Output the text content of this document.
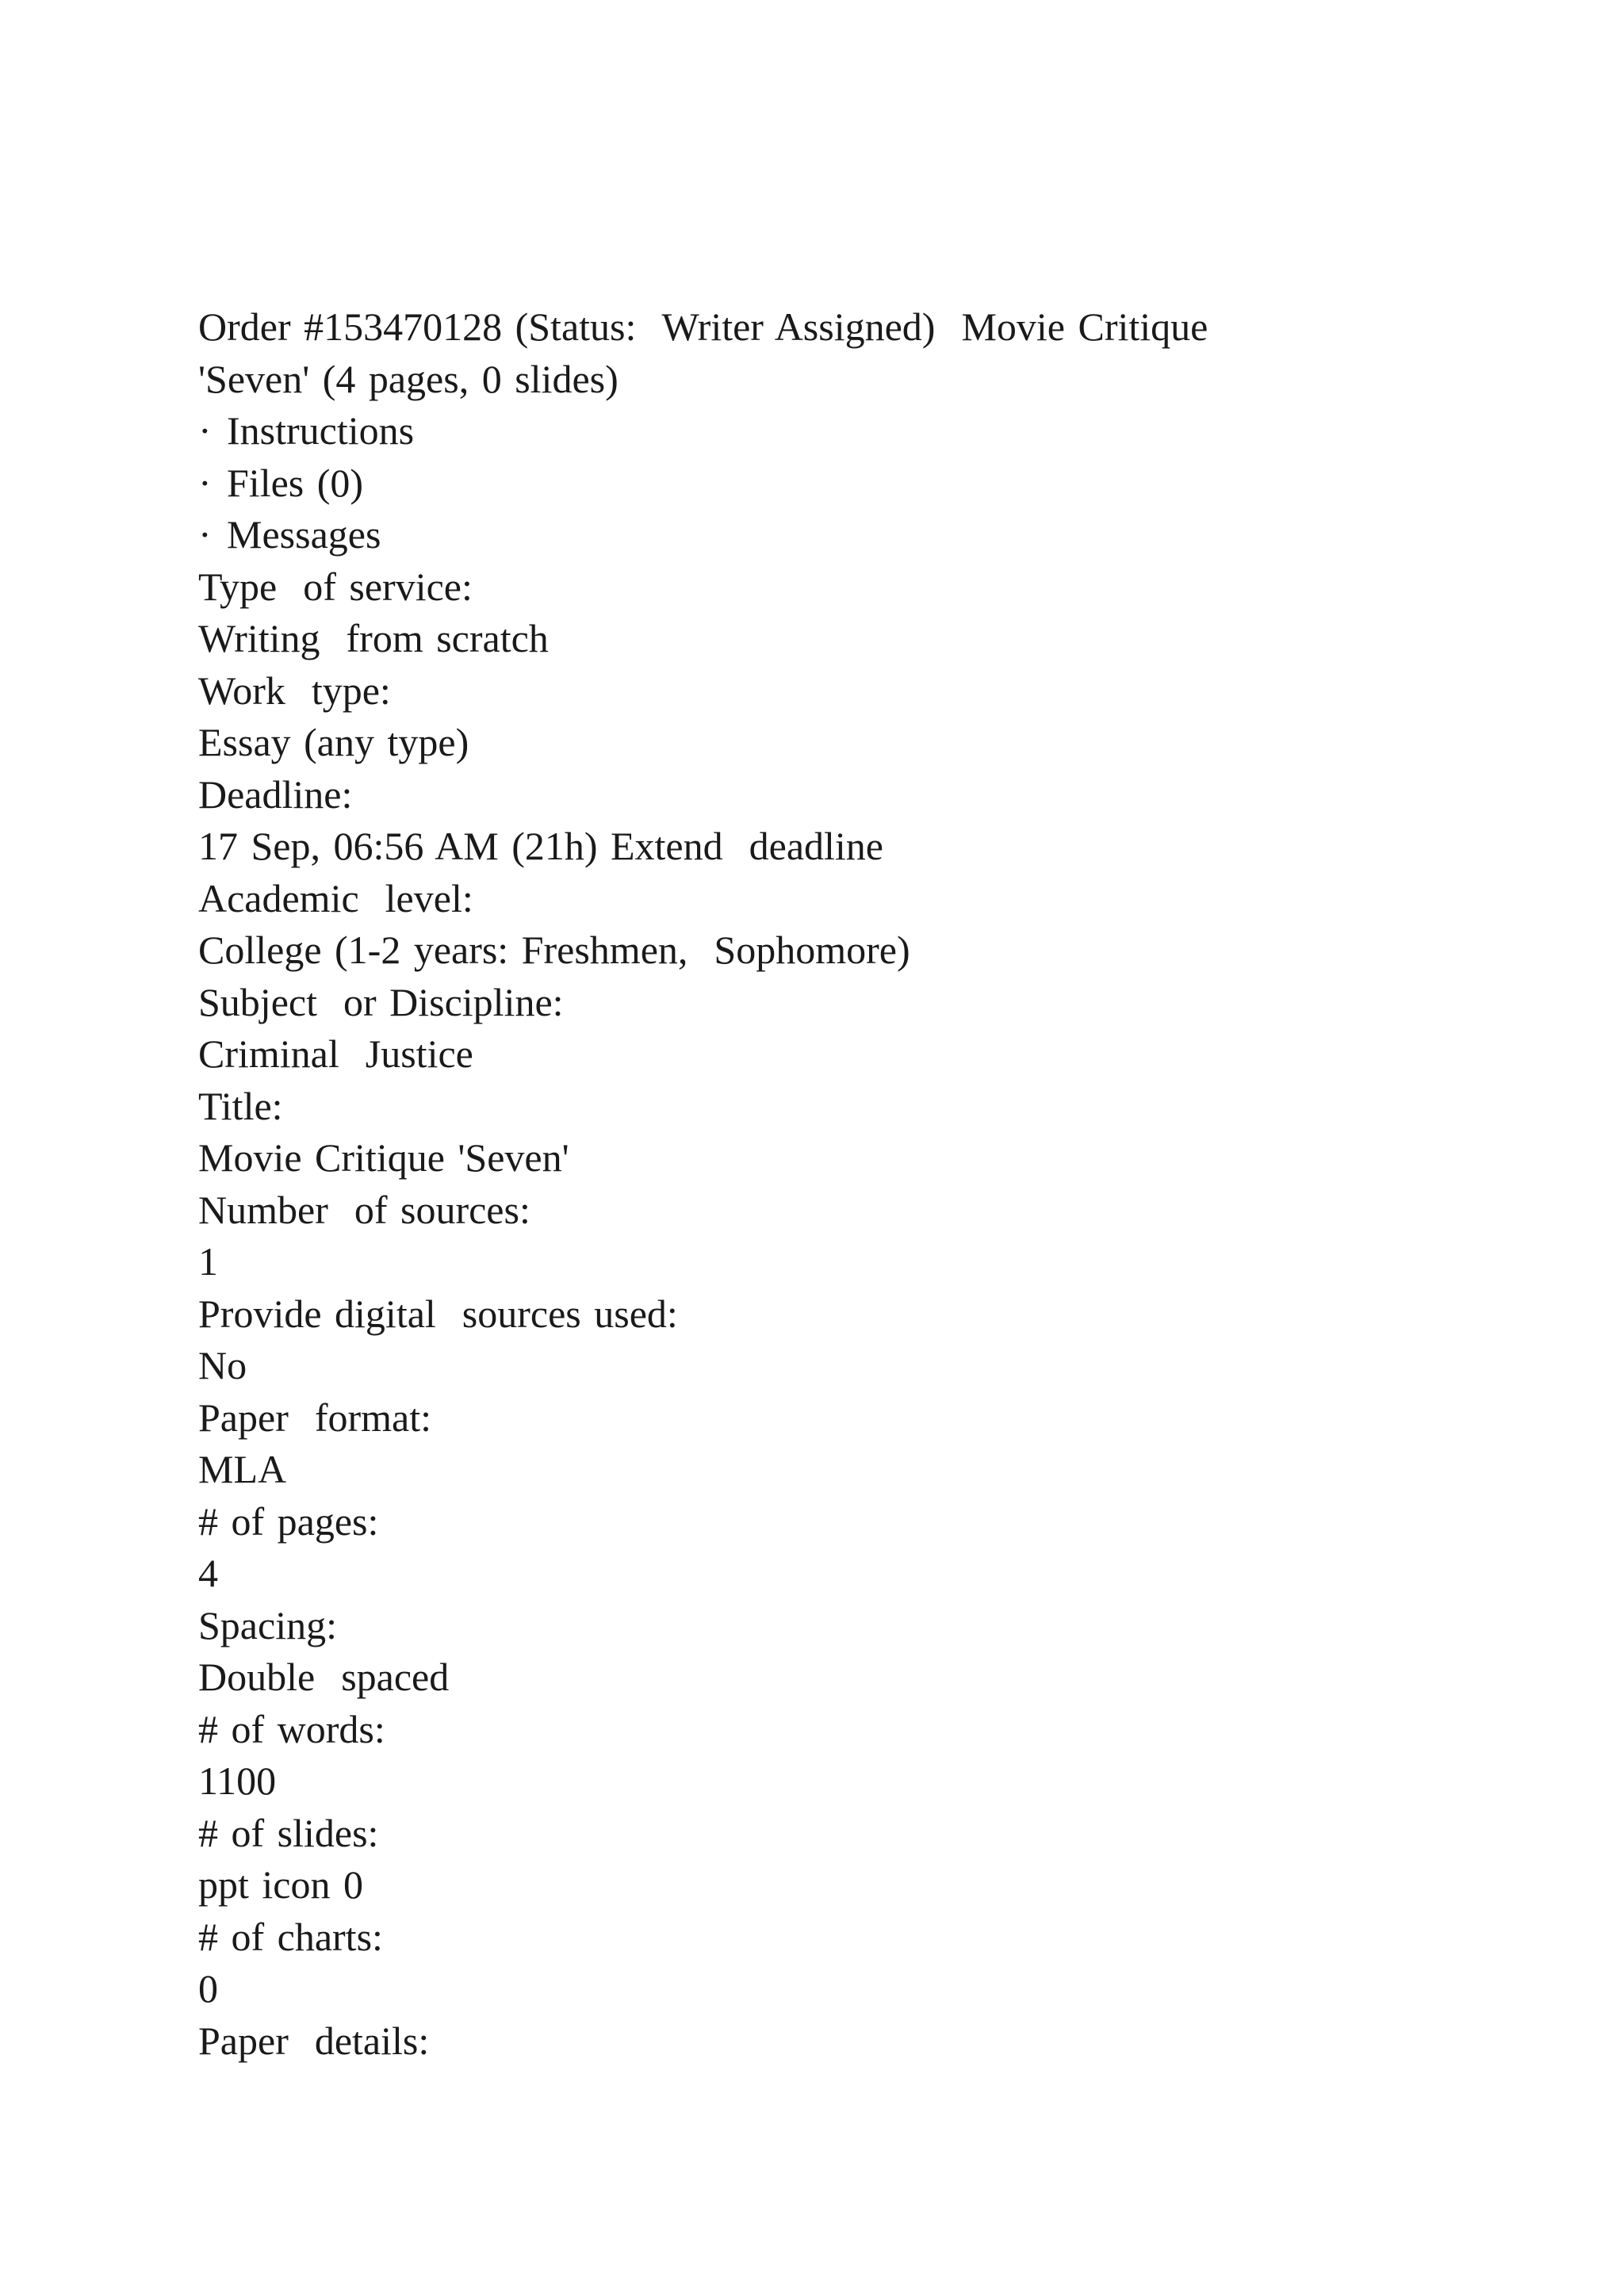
Order #153470128 (Status:  Writer Assigned)  Movie Critique
'Seven' (4 pages, 0 slides)
· Instructions
· Files (0)
· Messages
Type  of service:
Writing  from scratch
Work  type:
Essay (any type)
Deadline:
17 Sep, 06:56 AM (21h) Extend  deadline
Academic  level:
College (1-2 years: Freshmen,  Sophomore)
Subject  or Discipline:
Criminal  Justice
Title:
Movie Critique 'Seven'
Number  of sources:
1
Provide digital  sources used:
No
Paper  format:
MLA
# of pages:
4
Spacing:
Double  spaced
# of words:
1100
# of slides:
ppt icon 0
# of charts:
0
Paper  details:
